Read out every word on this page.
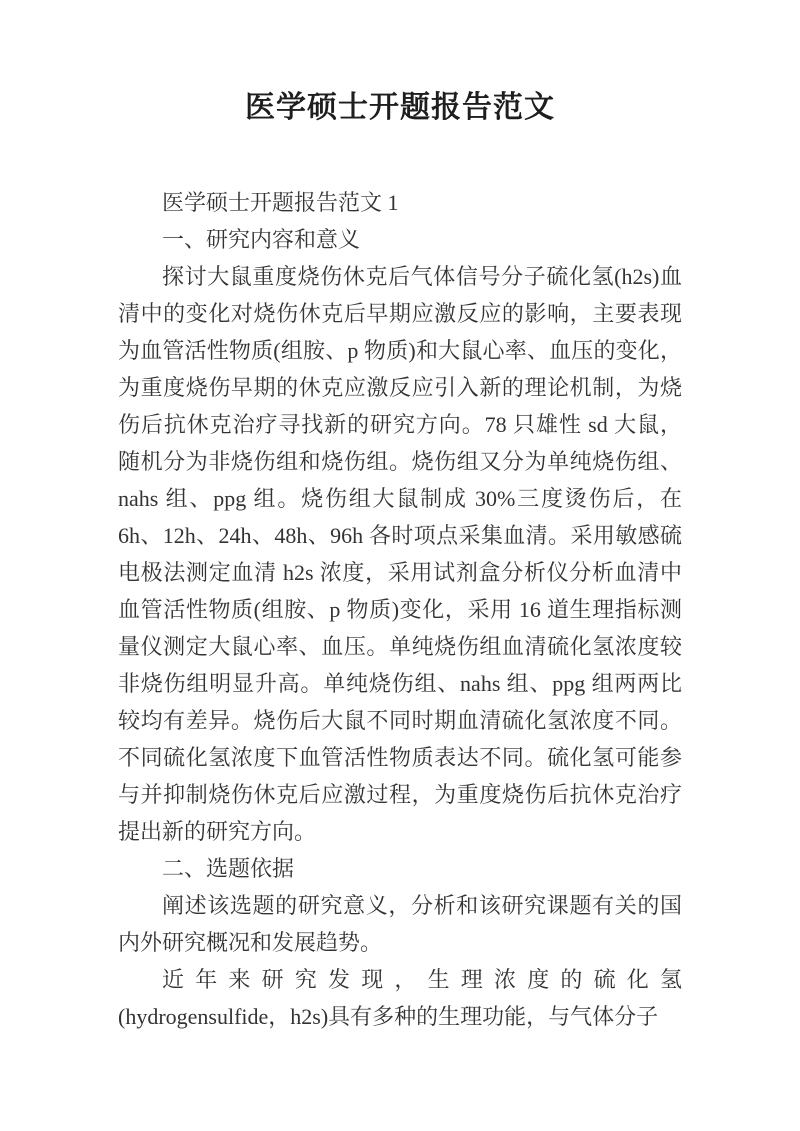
医学硕士开题报告范文

医学硕士开题报告范文 1

一、研究内容和意义

探讨大鼠重度烧伤休克后气体信号分子硫化氢(h2s)血清中的变化对烧伤休克后早期应激反应的影响，主要表现为血管活性物质(组胺、p 物质)和大鼠心率、血压的变化，为重度烧伤早期的休克应激反应引入新的理论机制，为烧伤后抗休克治疗寻找新的研究方向。78 只雄性 sd 大鼠，随机分为非烧伤组和烧伤组。烧伤组又分为单纯烧伤组、nahs 组、ppg 组。烧伤组大鼠制成 30%三度烫伤后，在 6h、12h、24h、48h、96h 各时项点采集血清。采用敏感硫电极法测定血清 h2s 浓度，采用试剂盒分析仪分析血清中血管活性物质(组胺、p 物质)变化，采用 16 道生理指标测量仪测定大鼠心率、血压。单纯烧伤组血清硫化氢浓度较非烧伤组明显升高。单纯烧伤组、nahs 组、ppg 组两两比较均有差异。烧伤后大鼠不同时期血清硫化氢浓度不同。不同硫化氢浓度下血管活性物质表达不同。硫化氢可能参与并抑制烧伤休克后应激过程，为重度烧伤后抗休克治疗提出新的研究方向。

二、选题依据

阐述该选题的研究意义，分析和该研究课题有关的国内外研究概况和发展趋势。

近年来研究发现，生理浓度的硫化氢(hydrogensulfide，h2s)具有多种的生理功能，与气体分子
